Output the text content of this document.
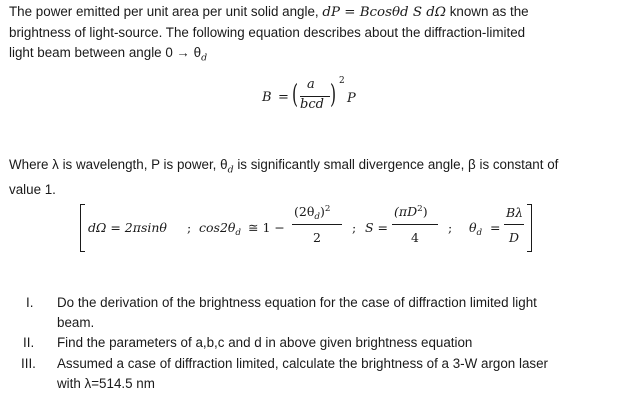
The power emitted per unit area per unit solid angle, dP = Bcosθd S dΩ known as the
brightness of light-source. The following equation describes about the diffraction-limited
light beam between angle $0 \to \theta_d$
B = ( a
bcd ) 2
P
Where λ is wavelength, P is power, $\theta_d$ is significantly small divergence angle, β is constant of
value 1.
dΩ = 2πsinθ ; $\cos 2\theta_d$ ≅ 1 −
$(2\theta_d)^2$
2
; S =
$(\pi D^2)$
4
; $\theta_d$ =
Bλ
D
I. Do the derivation of the brightness equation for the case of diffraction limited light
beam.
II. Find the parameters of a,b,c and d in above given brightness equation
III. Assumed a case of diffraction limited, calculate the brightness of a 3-W argon laser
with λ=514.5 nm
